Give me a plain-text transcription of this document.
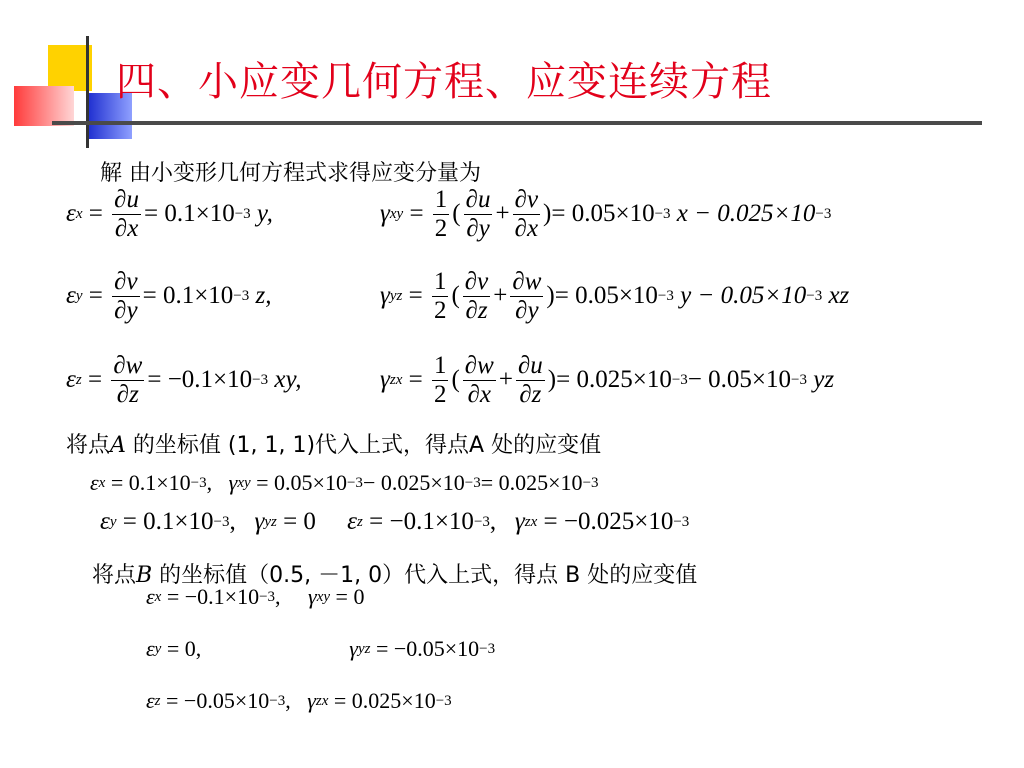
四、小应变几何方程、应变连续方程
解 由小变形几何方程式求得应变分量为
ε $x = \frac{\partial u}{\partial x} = 0.1\times 10 -3$
y,
ε $y = \frac{\partial v}{\partial y} = 0.1\times 10 -3$
z,
ε $z = \frac{\partial w}{\partial z} = -0.1\times 10 -3$
xy,
γ xy = $\frac{1}{2}$ ( $\frac{\partial u}{\partial y} + \frac{\partial v}{\partial x}$ ) = 0.05×10 −3
x − 0.025×10 −3
γ yz = $\frac{1}{2}$ ( $\frac{\partial v}{\partial z} + \frac{\partial w}{\partial y}$ ) = 0.05×10 −3
y − 0.05×10 −3
xz
γ zx = $\frac{1}{2}$ ( $\frac{\partial w}{\partial x} + \frac{\partial u}{\partial z}$ ) = 0.025×10 −3 − 0.05×10 −3
yz
将点A 的坐标值 (1, 1, 1)代入上式，得点A 处的应变值
ε x
= 0.1×10 −3 , γ xy
= 0.05×10 −3 − 0.025×10 −3 = 0.025×10 −3
ε y
= 0.1×10 −3 , γ yz
= 0
ε z
= −0.1×10 −3 , γ zx
= −0.025×10 −3
将点B 的坐标值（0.5, －1, 0）代入上式，得点 B 处的应变值
ε x
= −0.1×10 −3 , γ xy
= 0
ε y
= 0,	γ yz
= −0.05×10 −3
ε z
= −0.05×10 −3 , γ zx
= 0.025×10 −3
